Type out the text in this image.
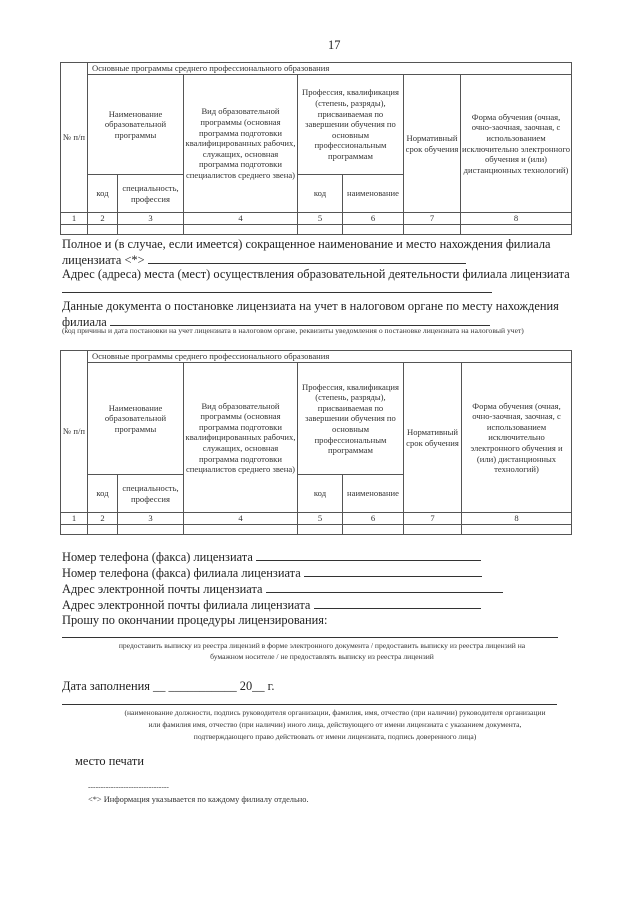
17
№ п/п	Основные программы среднего профессионального образования						
	Наименование образовательной программы		Вид образовательной программы (основная программа подготовки квалифицированных рабочих, служащих, основная программа подготовки специалистов среднего звена)	Профессия, квалификация (степень, разряды), присваиваемая по завершении обучения по основным профессиональным программам		Нормативный срок обучения	Форма обучения (очная, очно-заочная, заочная, с использованием исключительно электронного обучения и (или) дистанционных технологий)
	код	специальность, профессия		код	наименование		
1	2	3	4	5	6	7	8

Полное и (в случае, если имеется) сокращенное наименование и место нахождения филиала
лицензиата <*>
Адрес (адреса) места (мест) осуществления образовательной деятельности филиала лицензиата
Данные документа о постановке лицензиата на учет в налоговом органе по месту нахождения
филиала
(код причины и дата постановки на учет лицензиата в налоговом органе, реквизиты уведомления о постановке лицензиата на налоговый учет)
№ п/п	Основные программы среднего профессионального образования						
	Наименование образовательной программы		Вид образовательной программы (основная программа подготовки квалифицированных рабочих, служащих, основная программа подготовки специалистов среднего звена)	Профессия, квалификация (степень, разряды), присваиваемая по завершении обучения по основным профессиональным программам		Нормативный срок обучения	Форма обучения (очная, очно-заочная, заочная, с использованием исключительно электронного обучения и (или) дистанционных технологий)
	код	специальность, профессия		код	наименование		
1	2	3	4	5	6	7	8

Номер телефона (факса) лицензиата
Номер телефона (факса) филиала лицензиата
Адрес электронной почты лицензиата
Адрес электронной почты филиала лицензиата
Прошу по окончании процедуры лицензирования:
предоставить выписку из реестра лицензий в форме электронного документа / предоставить выписку из реестра лицензий на
бумажном носителе / не предоставлять выписку из реестра лицензий
Дата заполнения __ ___________ 20__ г.
(наименование должности, подпись руководителя организации, фамилия, имя, отчество (при наличии) руководителя организации
или фамилия имя, отчество (при наличии) иного лица, действующего от имени лицензиата с указанием документа,
подтверждающего право действовать от имени лицензиата, подпись доверенного лица)
место печати
--------------------------------
<*> Информация указывается по каждому филиалу отдельно.
